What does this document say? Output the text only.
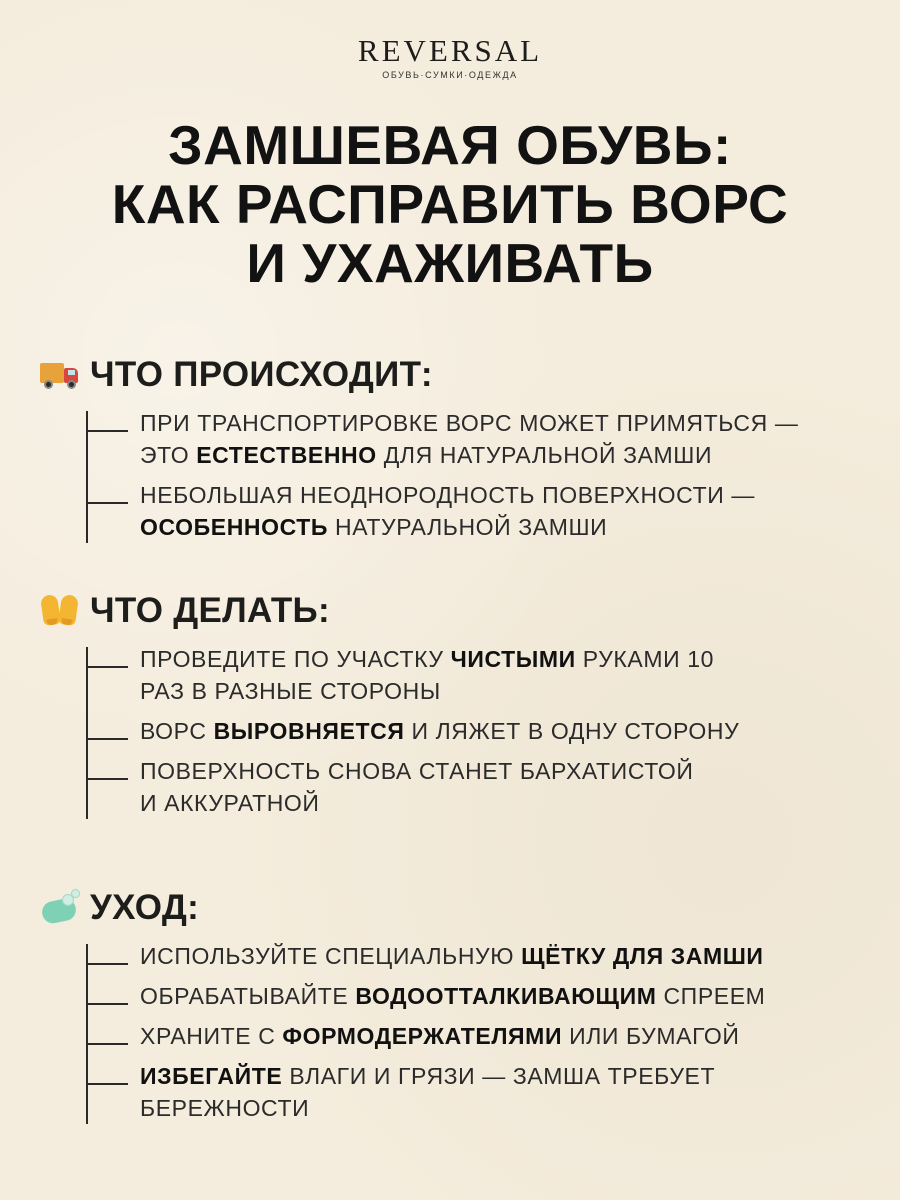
REVERSAL
ОБУВЬ·СУМКИ·ОДЕЖДА
ЗАМШЕВАЯ ОБУВЬ:
КАК РАСПРАВИТЬ ВОРС
И УХАЖИВАТЬ
ЧТО ПРОИСХОДИТ:
ПРИ ТРАНСПОРТИРОВКЕ ВОРС МОЖЕТ ПРИМЯТЬСЯ —
ЭТО ЕСТЕСТВЕННО ДЛЯ НАТУРАЛЬНОЙ ЗАМШИ
НЕБОЛЬШАЯ НЕОДНОРОДНОСТЬ ПОВЕРХНОСТИ —
ОСОБЕННОСТЬ НАТУРАЛЬНОЙ ЗАМШИ
ЧТО ДЕЛАТЬ:
ПРОВЕДИТЕ ПО УЧАСТКУ ЧИСТЫМИ РУКАМИ 10
РАЗ В РАЗНЫЕ СТОРОНЫ
ВОРС ВЫРОВНЯЕТСЯ И ЛЯЖЕТ В ОДНУ СТОРОНУ
ПОВЕРХНОСТЬ СНОВА СТАНЕТ БАРХАТИСТОЙ
И АККУРАТНОЙ
УХОД:
ИСПОЛЬЗУЙТЕ СПЕЦИАЛЬНУЮ ЩЁТКУ ДЛЯ ЗАМШИ
ОБРАБАТЫВАЙТЕ ВОДООТТАЛКИВАЮЩИМ СПРЕЕМ
ХРАНИТЕ С ФОРМОДЕРЖАТЕЛЯМИ ИЛИ БУМАГОЙ
ИЗБЕГАЙТЕ ВЛАГИ И ГРЯЗИ — ЗАМША ТРЕБУЕТ
БЕРЕЖНОСТИ
